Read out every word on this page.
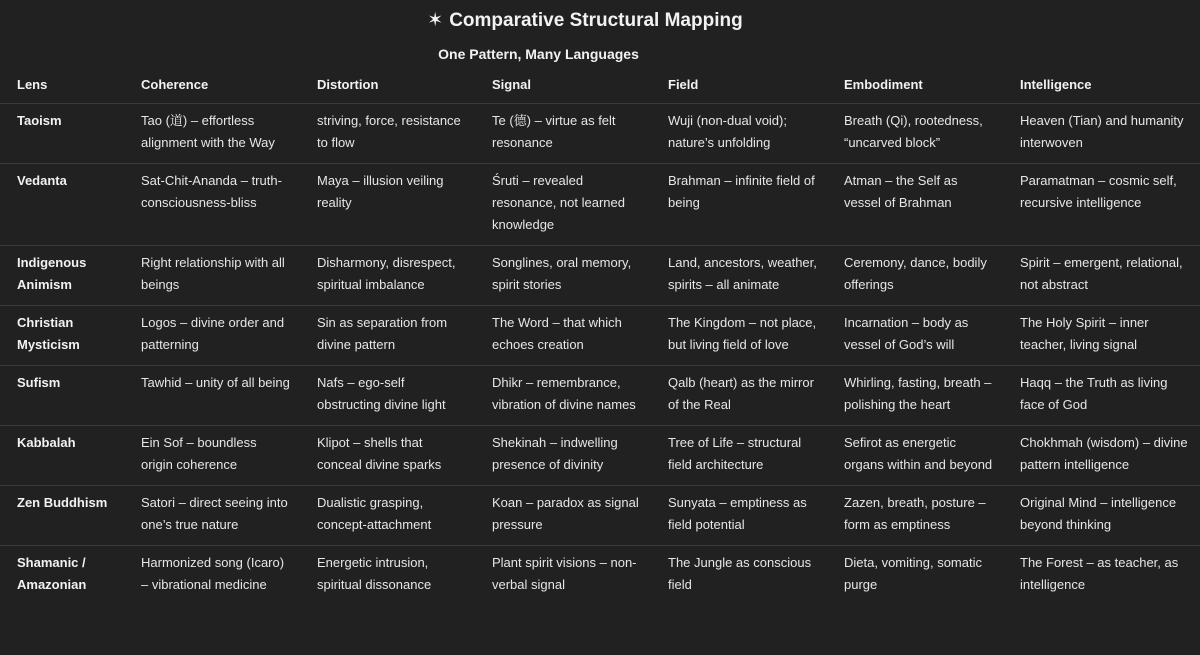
✶ Comparative Structural Mapping
One Pattern, Many Languages
Lens	Coherence	Distortion	Signal	Field	Embodiment	Intelligence
Taoism	Tao (道) – effortless alignment with the Way	striving, force, resistance to flow	Te (德) – virtue as felt resonance	Wuji (non-dual void); nature’s unfolding	Breath (Qi), rootedness, “uncarved block”	Heaven (Tian) and humanity interwoven
Vedanta	Sat-Chit-Ananda – truth-consciousness-bliss	Maya – illusion veiling reality	Śruti – revealed resonance, not learned knowledge	Brahman – infinite field of being	Atman – the Self as vessel of Brahman	Paramatman – cosmic self, recursive intelligence
Indigenous Animism	Right relationship with all beings	Disharmony, disrespect, spiritual imbalance	Songlines, oral memory, spirit stories	Land, ancestors, weather, spirits – all animate	Ceremony, dance, bodily offerings	Spirit – emergent, relational, not abstract
Christian Mysticism	Logos – divine order and patterning	Sin as separation from divine pattern	The Word – that which echoes creation	The Kingdom – not place, but living field of love	Incarnation – body as vessel of God’s will	The Holy Spirit – inner teacher, living signal
Sufism	Tawhid – unity of all being	Nafs – ego-self obstructing divine light	Dhikr – remembrance, vibration of divine names	Qalb (heart) as the mirror of the Real	Whirling, fasting, breath – polishing the heart	Haqq – the Truth as living face of God
Kabbalah	Ein Sof – boundless origin coherence	Klipot – shells that conceal divine sparks	Shekinah – indwelling presence of divinity	Tree of Life – structural field architecture	Sefirot as energetic organs within and beyond	Chokhmah (wisdom) – divine pattern intelligence
Zen Buddhism	Satori – direct seeing into one’s true nature	Dualistic grasping, concept-attachment	Koan – paradox as signal pressure	Sunyata – emptiness as field potential	Zazen, breath, posture – form as emptiness	Original Mind – intelligence beyond thinking
Shamanic / Amazonian	Harmonized song (Icaro) – vibrational medicine	Energetic intrusion, spiritual dissonance	Plant spirit visions – non-verbal signal	The Jungle as conscious field	Dieta, vomiting, somatic purge	The Forest – as teacher, as intelligence
